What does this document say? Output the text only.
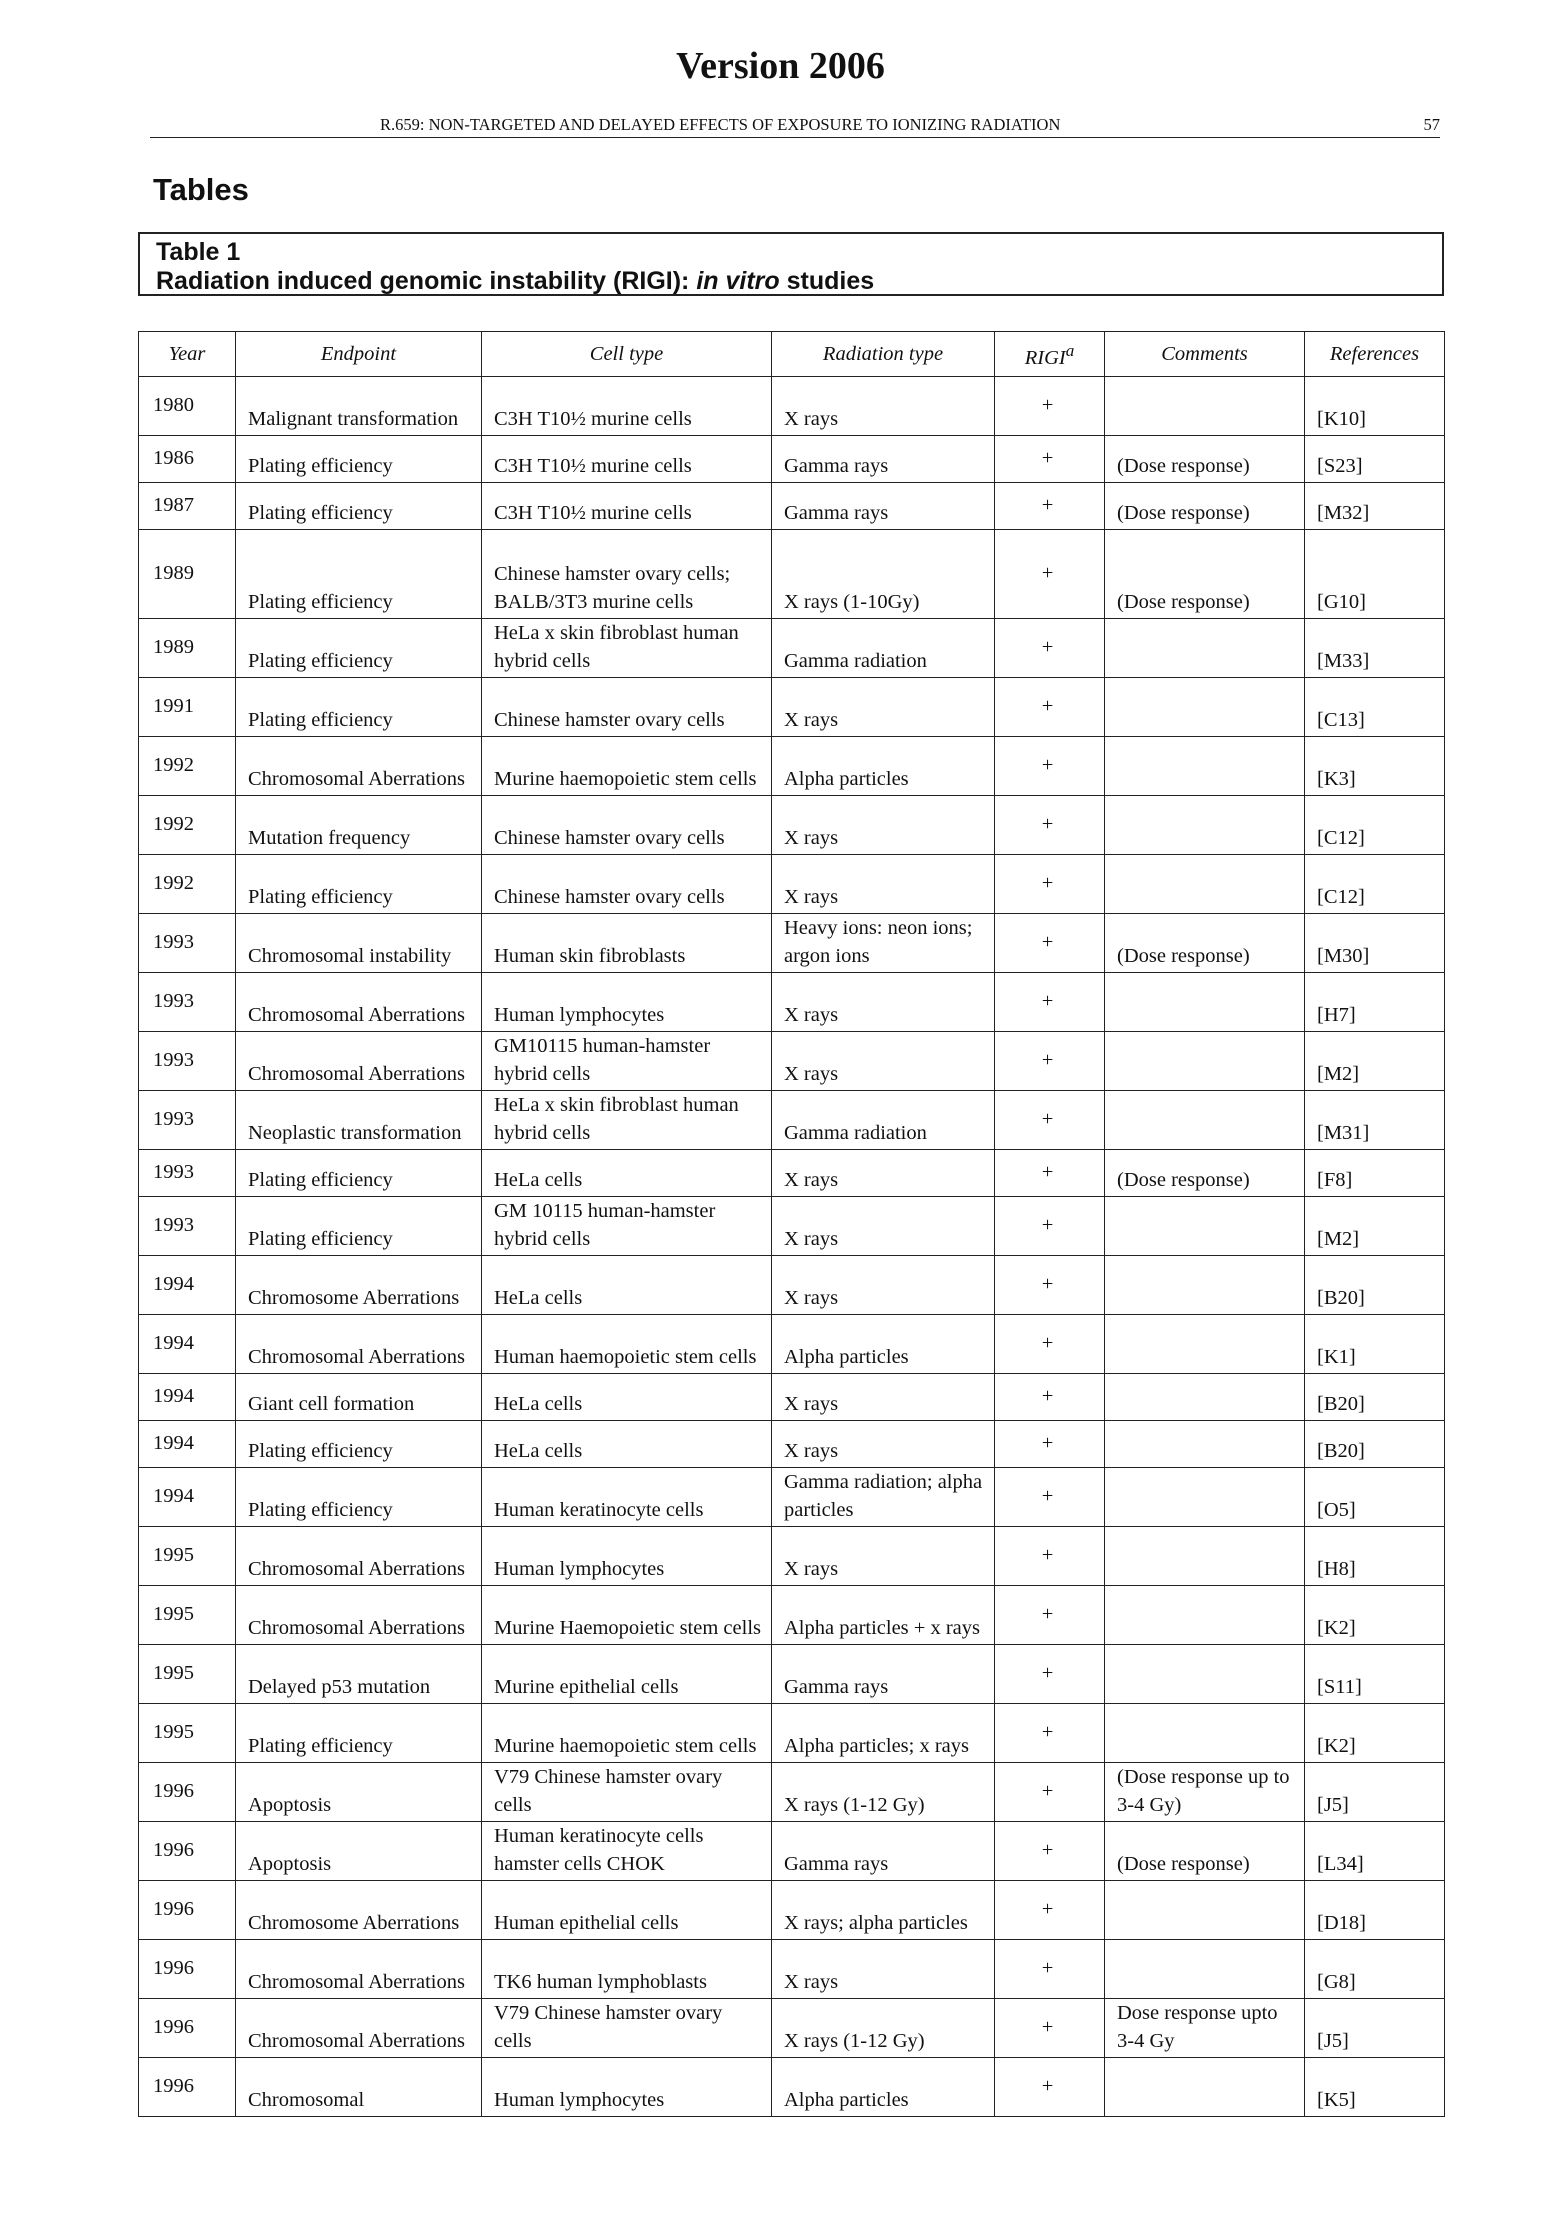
Version 2006
R.659: NON-TARGETED AND DELAYED EFFECTS OF EXPOSURE TO IONIZING RADIATION	57
Tables
Table 1
Radiation induced genomic instability (RIGI): in vitro studies
Year	Endpoint	Cell type	Radiation type	RIGI$^a$	Comments	References
1980	Malignant transformation	C3H T10½ murine cells	X rays	+		[K10]
1986	Plating efficiency	C3H T10½ murine cells	Gamma rays	+	(Dose response)	[S23]
1987	Plating efficiency	C3H T10½ murine cells	Gamma rays	+	(Dose response)	[M32]
1989	Plating efficiency	Chinese hamster ovary cells; BALB/3T3 murine cells	X rays (1-10Gy)	+	(Dose response)	[G10]
1989	Plating efficiency	HeLa x skin fibroblast human hybrid cells	Gamma radiation	+		[M33]
1991	Plating efficiency	Chinese hamster ovary cells	X rays	+		[C13]
1992	Chromosomal Aberrations	Murine haemopoietic stem cells	Alpha particles	+		[K3]
1992	Mutation frequency	Chinese hamster ovary cells	X rays	+		[C12]
1992	Plating efficiency	Chinese hamster ovary cells	X rays	+		[C12]
1993	Chromosomal instability	Human skin fibroblasts	Heavy ions: neon ions; argon ions	+	(Dose response)	[M30]
1993	Chromosomal Aberrations	Human lymphocytes	X rays	+		[H7]
1993	Chromosomal Aberrations	GM10115 human-hamster hybrid cells	X rays	+		[M2]
1993	Neoplastic transformation	HeLa x skin fibroblast human hybrid cells	Gamma radiation	+		[M31]
1993	Plating efficiency	HeLa cells	X rays	+	(Dose response)	[F8]
1993	Plating efficiency	GM 10115 human-hamster hybrid cells	X rays	+		[M2]
1994	Chromosome Aberrations	HeLa cells	X rays	+		[B20]
1994	Chromosomal Aberrations	Human haemopoietic stem cells	Alpha particles	+		[K1]
1994	Giant cell formation	HeLa cells	X rays	+		[B20]
1994	Plating efficiency	HeLa cells	X rays	+		[B20]
1994	Plating efficiency	Human keratinocyte cells	Gamma radiation; alpha particles	+		[O5]
1995	Chromosomal Aberrations	Human lymphocytes	X rays	+		[H8]
1995	Chromosomal Aberrations	Murine Haemopoietic stem cells	Alpha particles + x rays	+		[K2]
1995	Delayed p53 mutation	Murine epithelial cells	Gamma rays	+		[S11]
1995	Plating efficiency	Murine haemopoietic stem cells	Alpha particles; x rays	+		[K2]
1996	Apoptosis	V79 Chinese hamster ovary cells	X rays (1-12 Gy)	+	(Dose response up to 3-4 Gy)	[J5]
1996	Apoptosis	Human keratinocyte cells hamster cells CHOK	Gamma rays	+	(Dose response)	[L34]
1996	Chromosome Aberrations	Human epithelial cells	X rays; alpha particles	+		[D18]
1996	Chromosomal Aberrations	TK6 human lymphoblasts	X rays	+		[G8]
1996	Chromosomal Aberrations	V79 Chinese hamster ovary cells	X rays (1-12 Gy)	+	Dose response upto 3-4 Gy	[J5]
1996	Chromosomal	Human lymphocytes	Alpha particles	+		[K5]
